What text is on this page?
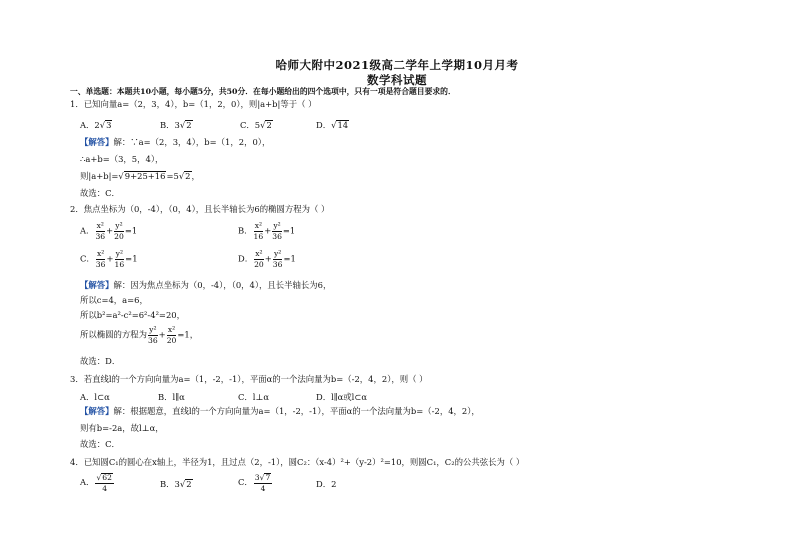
哈师大附中2021级高二学年上学期10月月考
数学科试题
一、单选题：本题共10小题，每小题5分，共50分．在每小题给出的四个选项中，只有一项是符合题目要求的．
1．已知向量a=（2，3，4），b=（1，2，0），则|a+b|等于（ ）
A．2√3	B．3√2	C．5√2	D．√14
【解答】解：∵a=（2，3，4），b=（1，2，0），
∴a+b=（3，5，4），
则|a+b|=√9+25+16=5√2，
故选：C．
2．焦点坐标为（0，-4），（0，4），且长半轴长为6的椭圆方程为（ ）
A． $\frac{\text{x²}}{36} + \frac{\text{y²}}{20} =1$	B． $\frac{\text{x²}}{16} + \frac{\text{y²}}{36} =1$
C． $\frac{\text{x²}}{36} + \frac{\text{y²}}{16} =1$	D． $\frac{\text{x²}}{20} + \frac{\text{y²}}{36} =1$
【解答】解：因为焦点坐标为（0，-4），（0，4），且长半轴长为6，
所以c=4，a=6，
所以b²=a²-c²=6²-4²=20，
所以椭圆的方程为 $\frac{\text{y²}}{36} + \frac{\text{x²}}{20} =1$，
故选：D．
3．若直线l的一个方向向量为a=（1，-2，-1），平面α的一个法向量为b=（-2，4，2），则（ ）
A．l⊂α	B．l∥α	C．l⊥α	D．l∥α或l⊂α
【解答】解：根据题意，直线l的一个方向向量为a=（1，-2，-1），平面α的一个法向量为b=（-2，4，2），
则有b=-2a，故l⊥α，
故选：C．
4．已知圆C₁的圆心在x轴上，半径为1，且过点（2，-1），圆C₂：（x-4）²+（y-2）²=10，则圆C₁，C₂的公共弦长为（ ）
A． $\frac{√62}{4}$	B．3√2	C． $\frac{3√7}{4}$	D．2
